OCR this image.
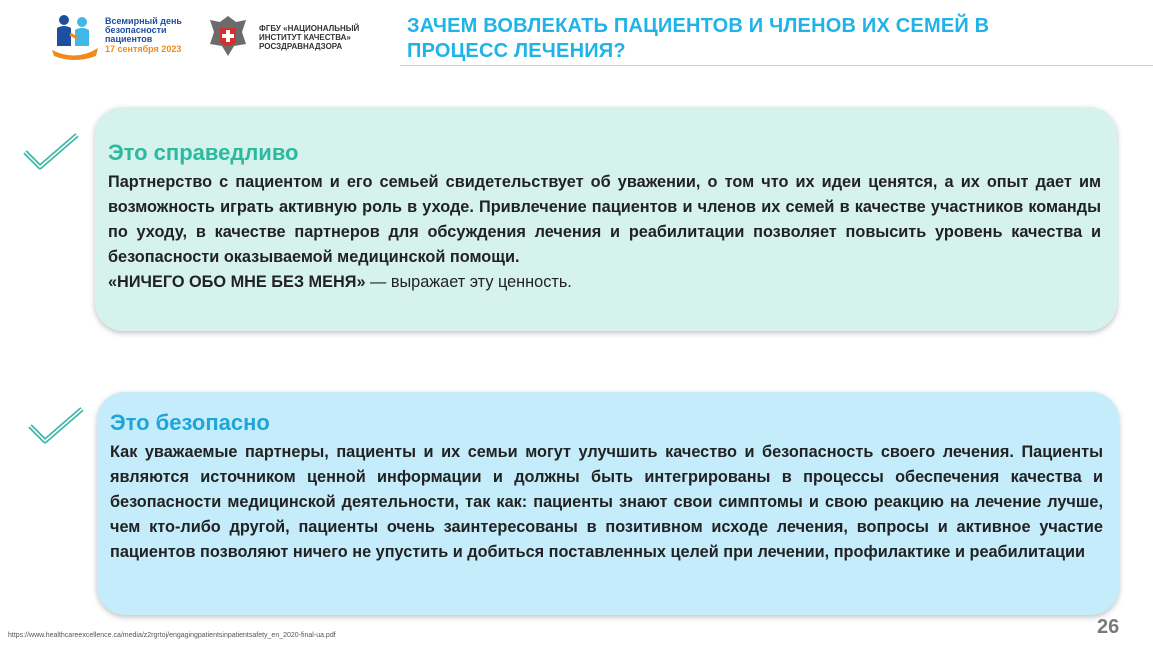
Всемирный день
безопасности
пациентов
17 сентября 2023
ФГБУ «НАЦИОНАЛЬНЫЙ
ИНСТИТУТ КАЧЕСТВА»
РОСЗДРАВНАДЗОРА
ЗАЧЕМ ВОВЛЕКАТЬ ПАЦИЕНТОВ И ЧЛЕНОВ ИХ СЕМЕЙ В
ПРОЦЕСС ЛЕЧЕНИЯ?
Это справедливо

Партнерство с пациентом и его семьей свидетельствует об уважении, о том что их идеи ценятся, а их опыт дает им возможность играть активную роль в уходе. Привлечение пациентов и членов их семей в качестве участников команды по уходу, в качестве партнеров для обсуждения лечения и реабилитации позволяет повысить уровень качества и безопасности оказываемой медицинской помощи.

«НИЧЕГО ОБО МНЕ БЕЗ МЕНЯ» — выражает эту ценность.

Это безопасно

Как уважаемые партнеры, пациенты и их семьи могут улучшить качество и безопасность своего лечения. Пациенты являются источником ценной информации и должны быть интегрированы в процессы обеспечения качества и безопасности медицинской деятельности, так как: пациенты знают свои симптомы и свою реакцию на лечение лучше, чем кто-либо другой, пациенты очень заинтересованы в позитивном исходе лечения, вопросы и активное участие пациентов позволяют ничего не упустить и добиться поставленных целей при лечении, профилактике и реабилитации

https://www.healthcareexcellence.ca/media/z2rgrtoj/engagingpatientsinpatientsafety_en_2020-final-ua.pdf	26
